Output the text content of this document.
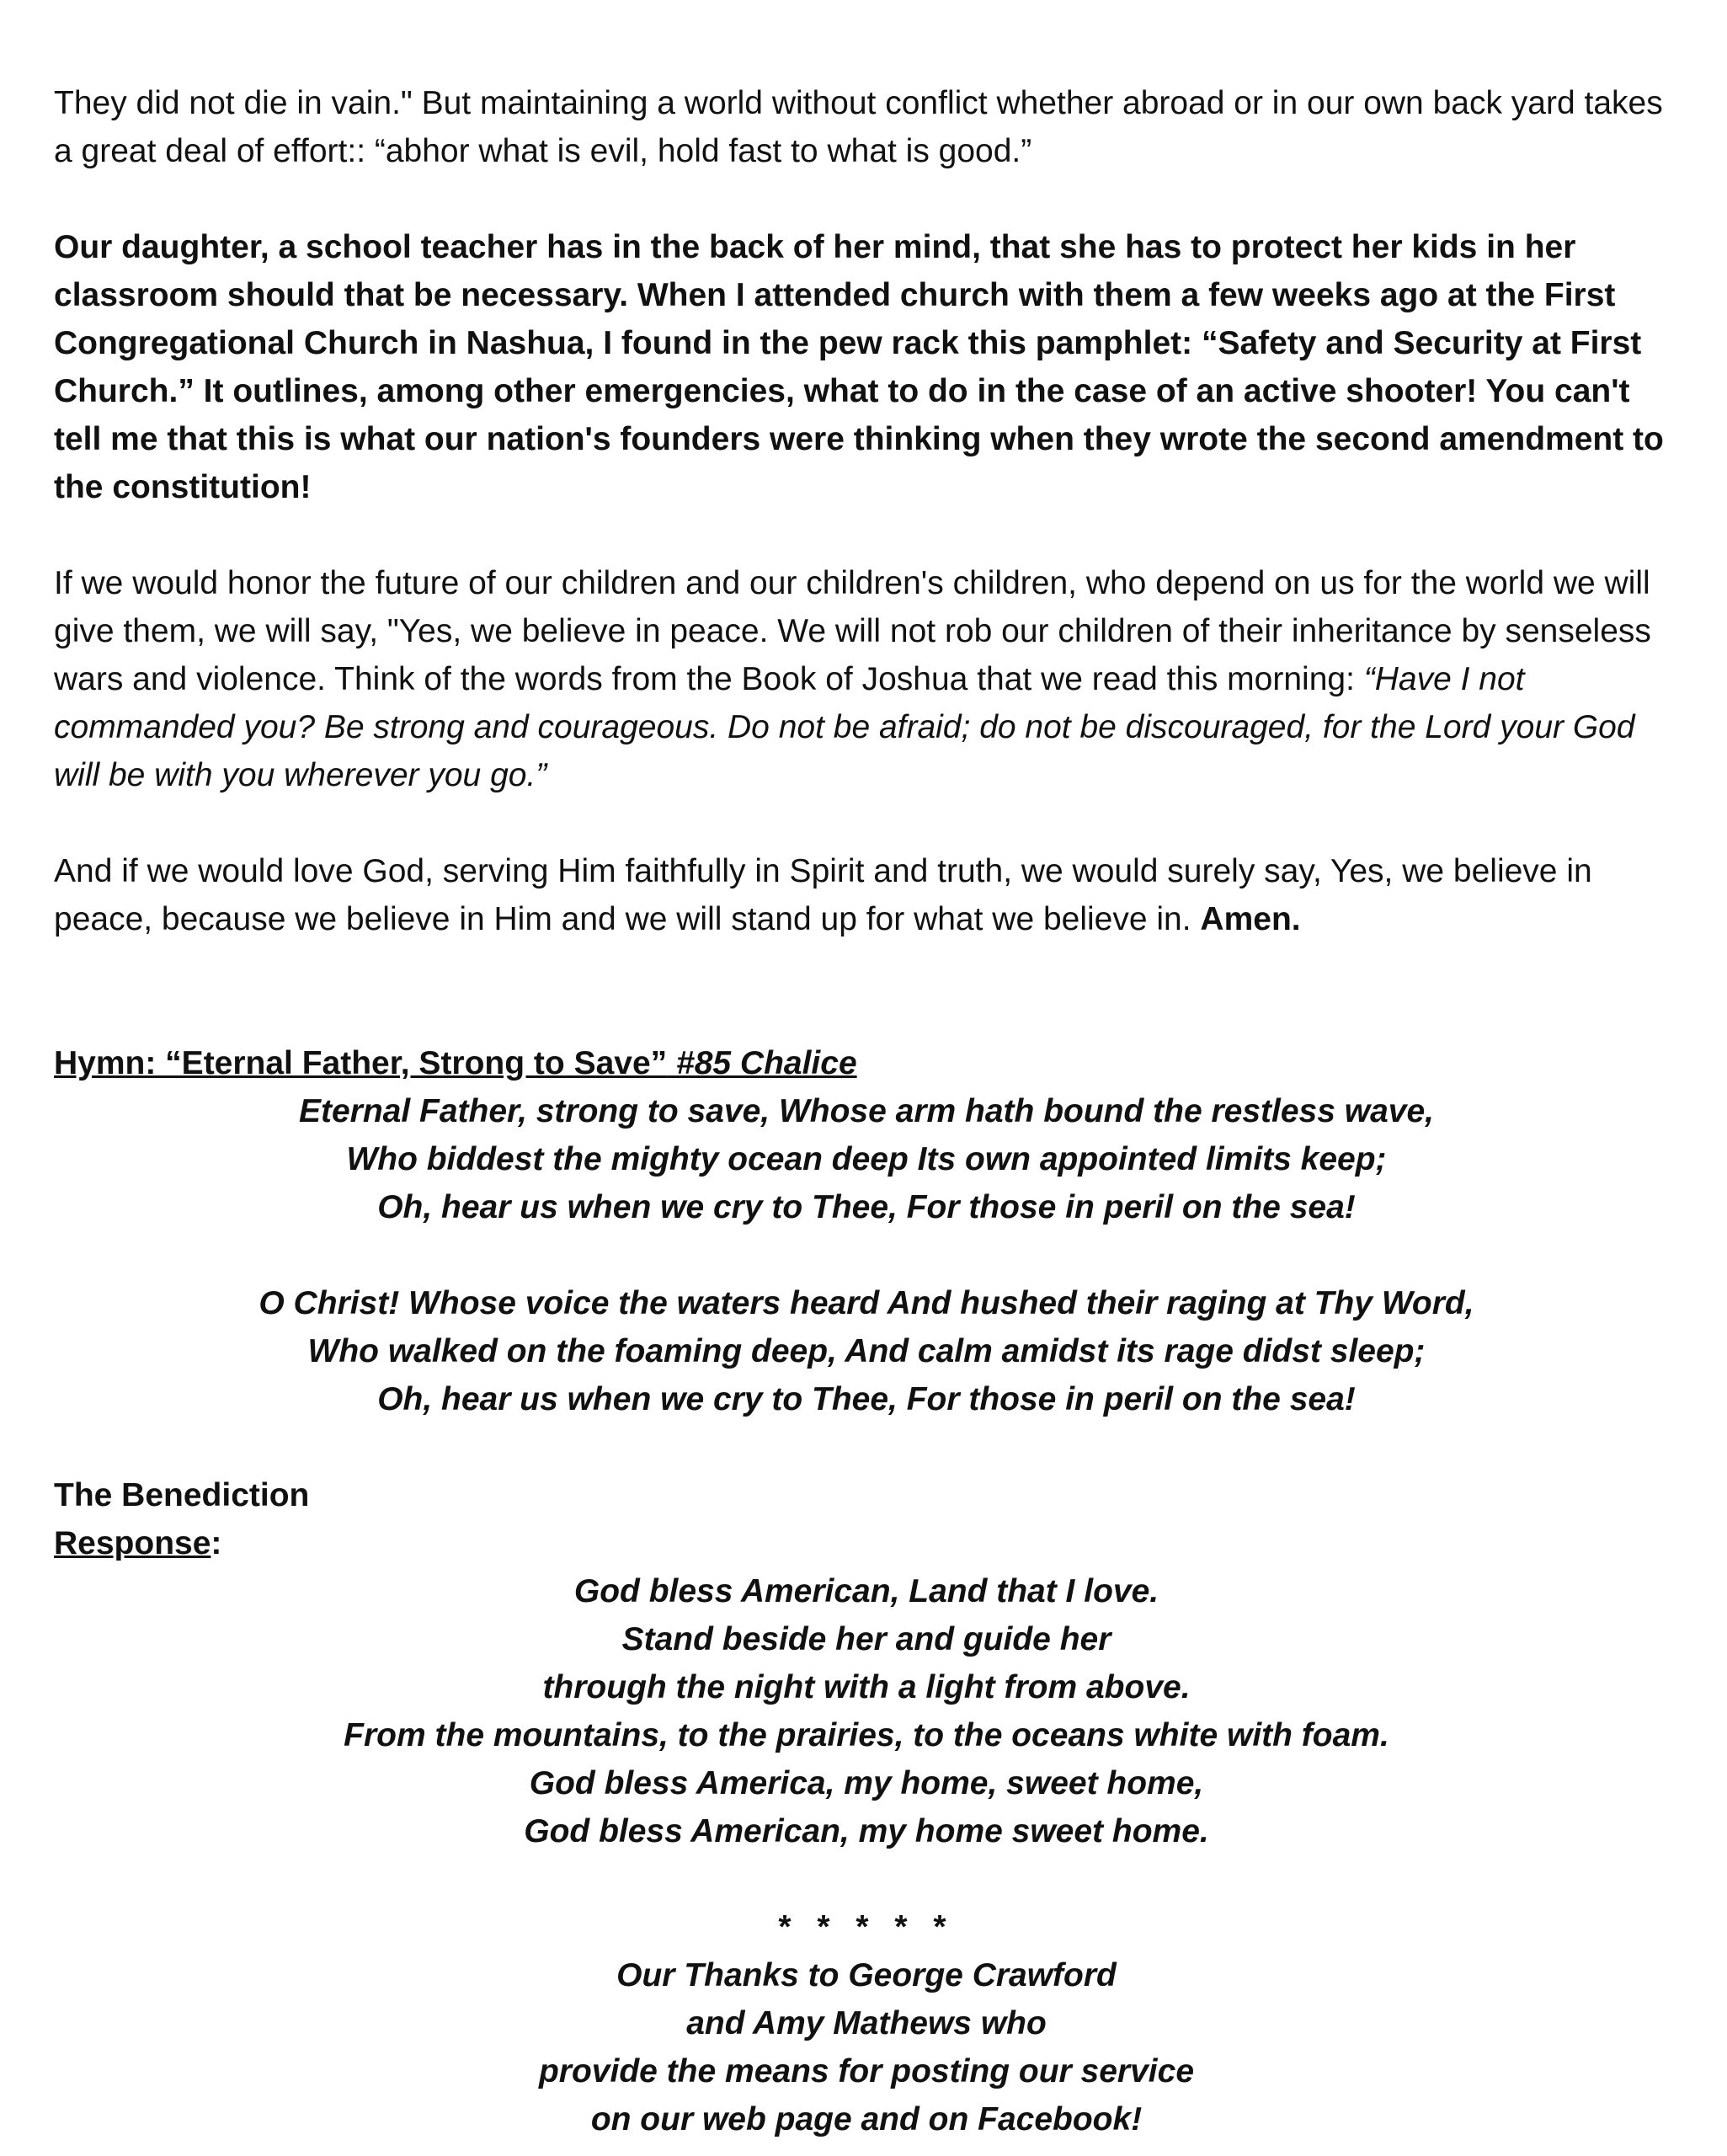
They did not die in vain." But maintaining a world without conflict whether abroad or in our own back yard takes a great deal of effort:: “abhor what is evil, hold fast to what is good.”

Our daughter, a school teacher has in the back of her mind, that she has to protect her kids in her classroom should that be necessary. When I attended church with them a few weeks ago at the First Congregational Church in Nashua, I found in the pew rack this pamphlet: “Safety and Security at First Church.” It outlines, among other emergencies, what to do in the case of an active shooter! You can't tell me that this is what our nation's founders were thinking when they wrote the second amendment to the constitution!

If we would honor the future of our children and our children's children, who depend on us for the world we will give them, we will say, "Yes, we believe in peace. We will not rob our children of their inheritance by senseless wars and violence. Think of the words from the Book of Joshua that we read this morning: “Have I not commanded you? Be strong and courageous. Do not be afraid; do not be discouraged, for the Lord your God will be with you wherever you go.”

And if we would love God, serving Him faithfully in Spirit and truth, we would surely say, Yes, we believe in peace, because we believe in Him and we will stand up for what we believe in. Amen.

Hymn: “Eternal Father, Strong to Save” #85 Chalice

Eternal Father, strong to save, Whose arm hath bound the restless wave,
Who biddest the mighty ocean deep Its own appointed limits keep;
Oh, hear us when we cry to Thee, For those in peril on the sea!
O Christ! Whose voice the waters heard And hushed their raging at Thy Word,
Who walked on the foaming deep, And calm amidst its rage didst sleep;
Oh, hear us when we cry to Thee, For those in peril on the sea!

The Benediction

Response:

God bless American, Land that I love.
Stand beside her and guide her
through the night with a light from above.
From the mountains, to the prairies, to the oceans white with foam.
God bless America, my home, sweet home,
God bless American, my home sweet home.

* * * * *

Our Thanks to George Crawford
and Amy Mathews who
provide the means for posting our service
on our web page and on Facebook!
